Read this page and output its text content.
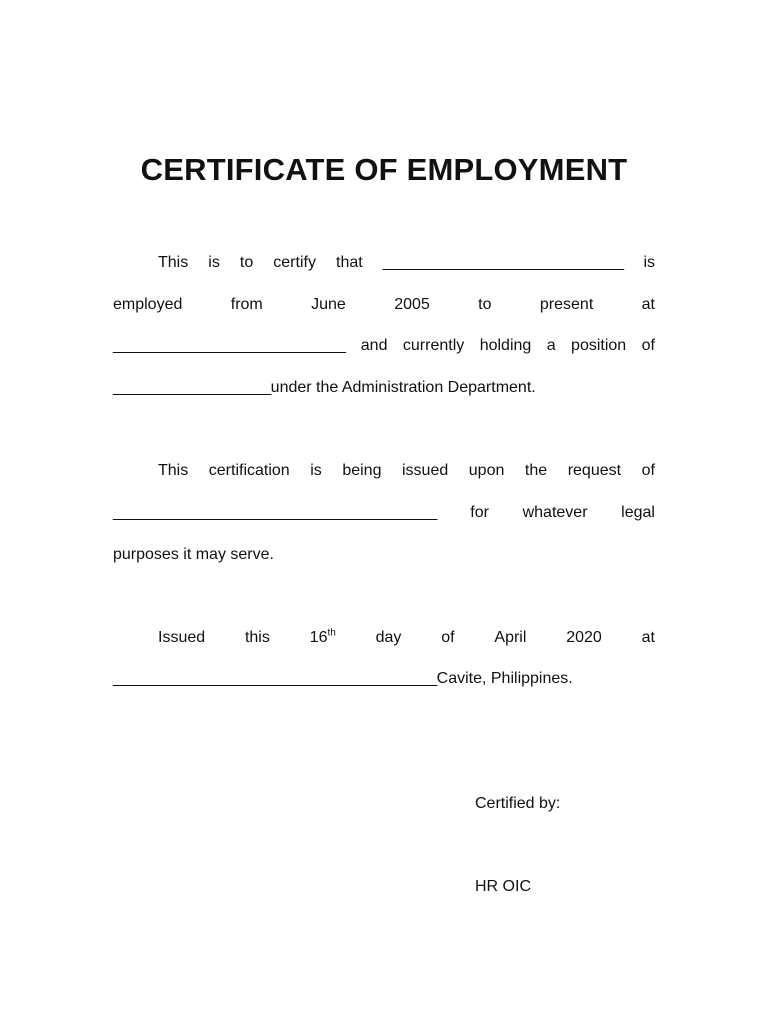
CERTIFICATE OF EMPLOYMENT
This is to certify that _____________________________ is
employed	from	June	2005	to	present	at
____________________________ and currently holding a position of
___________________under the Administration Department.
This certification is being issued upon the request of
_______________________________________ for whatever legal
purposes it may serve.
Issued this 16th day of April 2020 at
_______________________________________Cavite, Philippines.
Certified by:
HR OIC
